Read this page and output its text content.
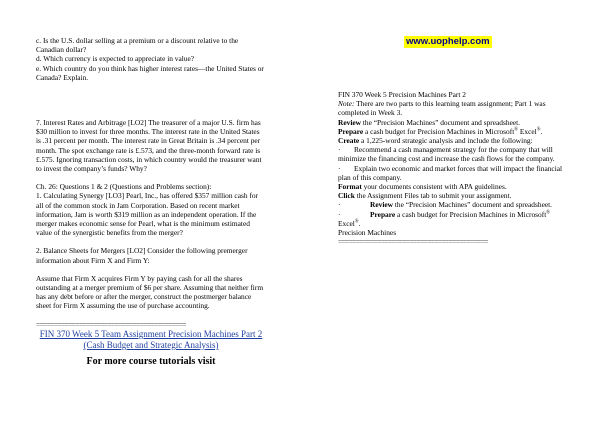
c. Is the U.S. dollar selling at a premium or a discount relative to the Canadian dollar?

d. Which currency is expected to appreciate in value?

e. Which country do you think has higher interest rates—the United States or Canada? Explain.

7. Interest Rates and Arbitrage [LO2] The treasurer of a major U.S. firm has $30 million to invest for three months. The interest rate in the United States is .31 percent per month. The interest rate in Great Britain is .34 percent per month. The spot exchange rate is £.573, and the three-month forward rate is £.575. Ignoring transaction costs, in which country would the treasurer want to invest the company’s funds? Why?

Ch. 26: Questions 1 & 2 (Questions and Problems section):

1. Calculating Synergy [LO3] Pearl, Inc., has offered $357 million cash for all of the common stock in Jam Corporation. Based on recent market information, Jam is worth $319 million as an independent operation. If the merger makes economic sense for Pearl, what is the minimum estimated value of the synergistic benefits from the merger?

2. Balance Sheets for Mergers [LO2] Consider the following premerger information about Firm X and Firm Y:

Assume that Firm X acquires Firm Y by paying cash for all the shares outstanding at a merger premium of $6 per share. Assuming that neither firm has any debt before or after the merger, construct the postmerger balance sheet for Firm X assuming the use of purchase accounting.

==========================================

FIN 370 Week 5 Team Assignment Precision Machines Part 2 (Cash Budget and Strategic Analysis)

For more course tutorials visit

www.uophelp.com

FIN 370 Week 5 Precision Machines Part 2

Note: There are two parts to this learning team assignment; Part 1 was completed in Week 3.

Review the “Precision Machines” document and spreadsheet.

Prepare a cash budget for Precision Machines in Microsoft® Excel®.

Create a 1,225-word strategic analysis and include the following:

· Recommend a cash management strategy for the company that will minimize the financing cost and increase the cash flows for the company.

· Explain two economic and market forces that will impact the financial plan of this company.

Format your documents consistent with APA guidelines.

Click the Assignment Files tab to submit your assignment.

·	Review the “Precision Machines” document and spreadsheet.

·	Prepare a cash budget for Precision Machines in Microsoft® Excel®.

Precision Machines

==========================================
